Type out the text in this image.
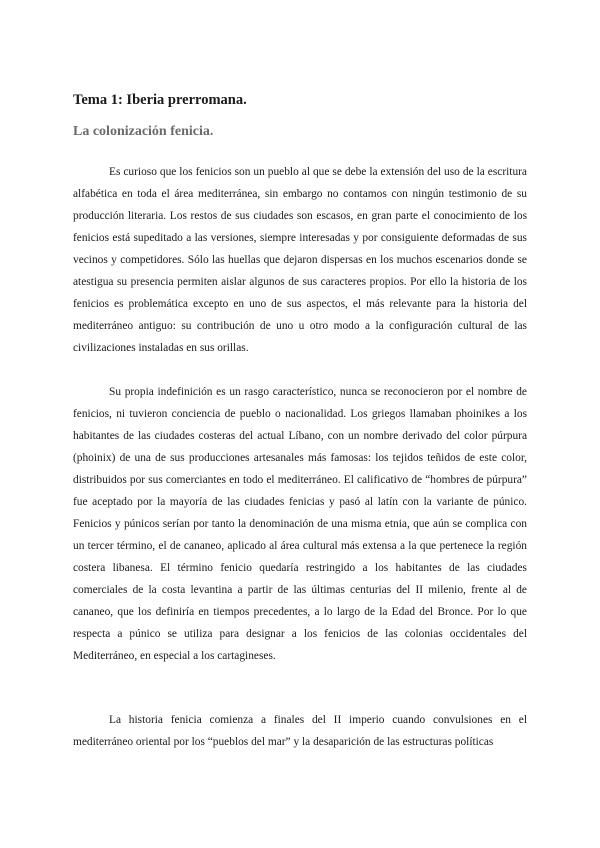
Tema 1: Iberia prerromana.
La colonización fenicia.

Es curioso que los fenicios son un pueblo al que se debe la extensión del uso de la escritura alfabética en toda el área mediterránea, sin embargo no contamos con ningún testimonio de su producción literaria. Los restos de sus ciudades son escasos, en gran parte el conocimiento de los fenicios está supeditado a las versiones, siempre interesadas y por consiguiente deformadas de sus vecinos y competidores. Sólo las huellas que dejaron dispersas en los muchos escenarios donde se atestigua su presencia permiten aislar algunos de sus caracteres propios. Por ello la historia de los fenicios es problemática excepto en uno de sus aspectos, el más relevante para la historia del mediterráneo antiguo: su contribución de uno u otro modo a la configuración cultural de las civilizaciones instaladas en sus orillas.

Su propia indefinición es un rasgo característico, nunca se reconocieron por el nombre de fenicios, ni tuvieron conciencia de pueblo o nacionalidad. Los griegos llamaban phoinikes a los habitantes de las ciudades costeras del actual Líbano, con un nombre derivado del color púrpura (phoinix) de una de sus producciones artesanales más famosas: los tejidos teñidos de este color, distribuidos por sus comerciantes en todo el mediterráneo. El calificativo de “hombres de púrpura” fue aceptado por la mayoría de las ciudades fenicias y pasó al latín con la variante de púnico. Fenicios y púnicos serían por tanto la denominación de una misma etnia, que aún se complica con un tercer término, el de cananeo, aplicado al área cultural más extensa a la que pertenece la región costera libanesa. El término fenicio quedaría restringido a los habitantes de las ciudades comerciales de la costa levantina a partir de las últimas centurias del II milenio, frente al de cananeo, que los definiría en tiempos precedentes, a lo largo de la Edad del Bronce. Por lo que respecta a púnico se utiliza para designar a los fenicios de las colonias occidentales del Mediterráneo, en especial a los cartagineses.

La historia fenicia comienza a finales del II imperio cuando convulsiones en el mediterráneo oriental por los “pueblos del mar” y la desaparición de las estructuras políticas
